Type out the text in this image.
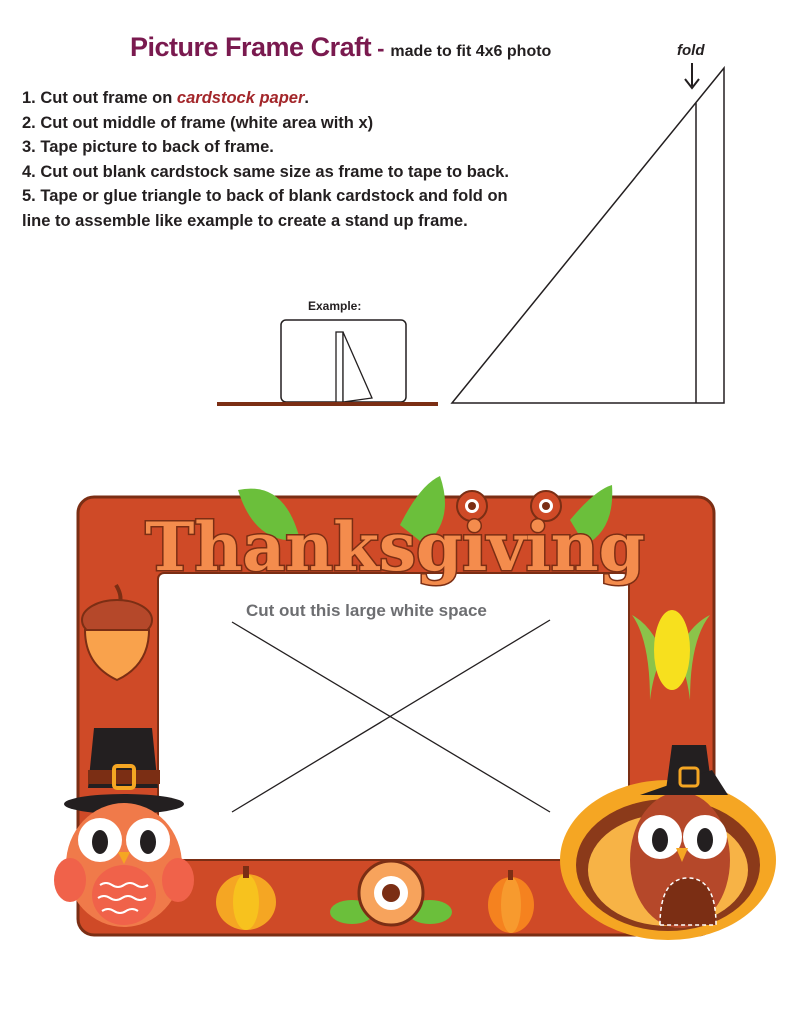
Picture Frame Craft - made to fit 4x6 photo
1. Cut out frame on cardstock paper.
2. Cut out middle of frame (white area with x)
3. Tape picture to back of frame.
4. Cut out blank cardstock same size as frame to tape to back.
5. Tape or glue triangle to back of blank cardstock and fold on
line to assemble like example to create a stand up frame.
Example:
fold
Thanksgiving
Cut out this large white space
